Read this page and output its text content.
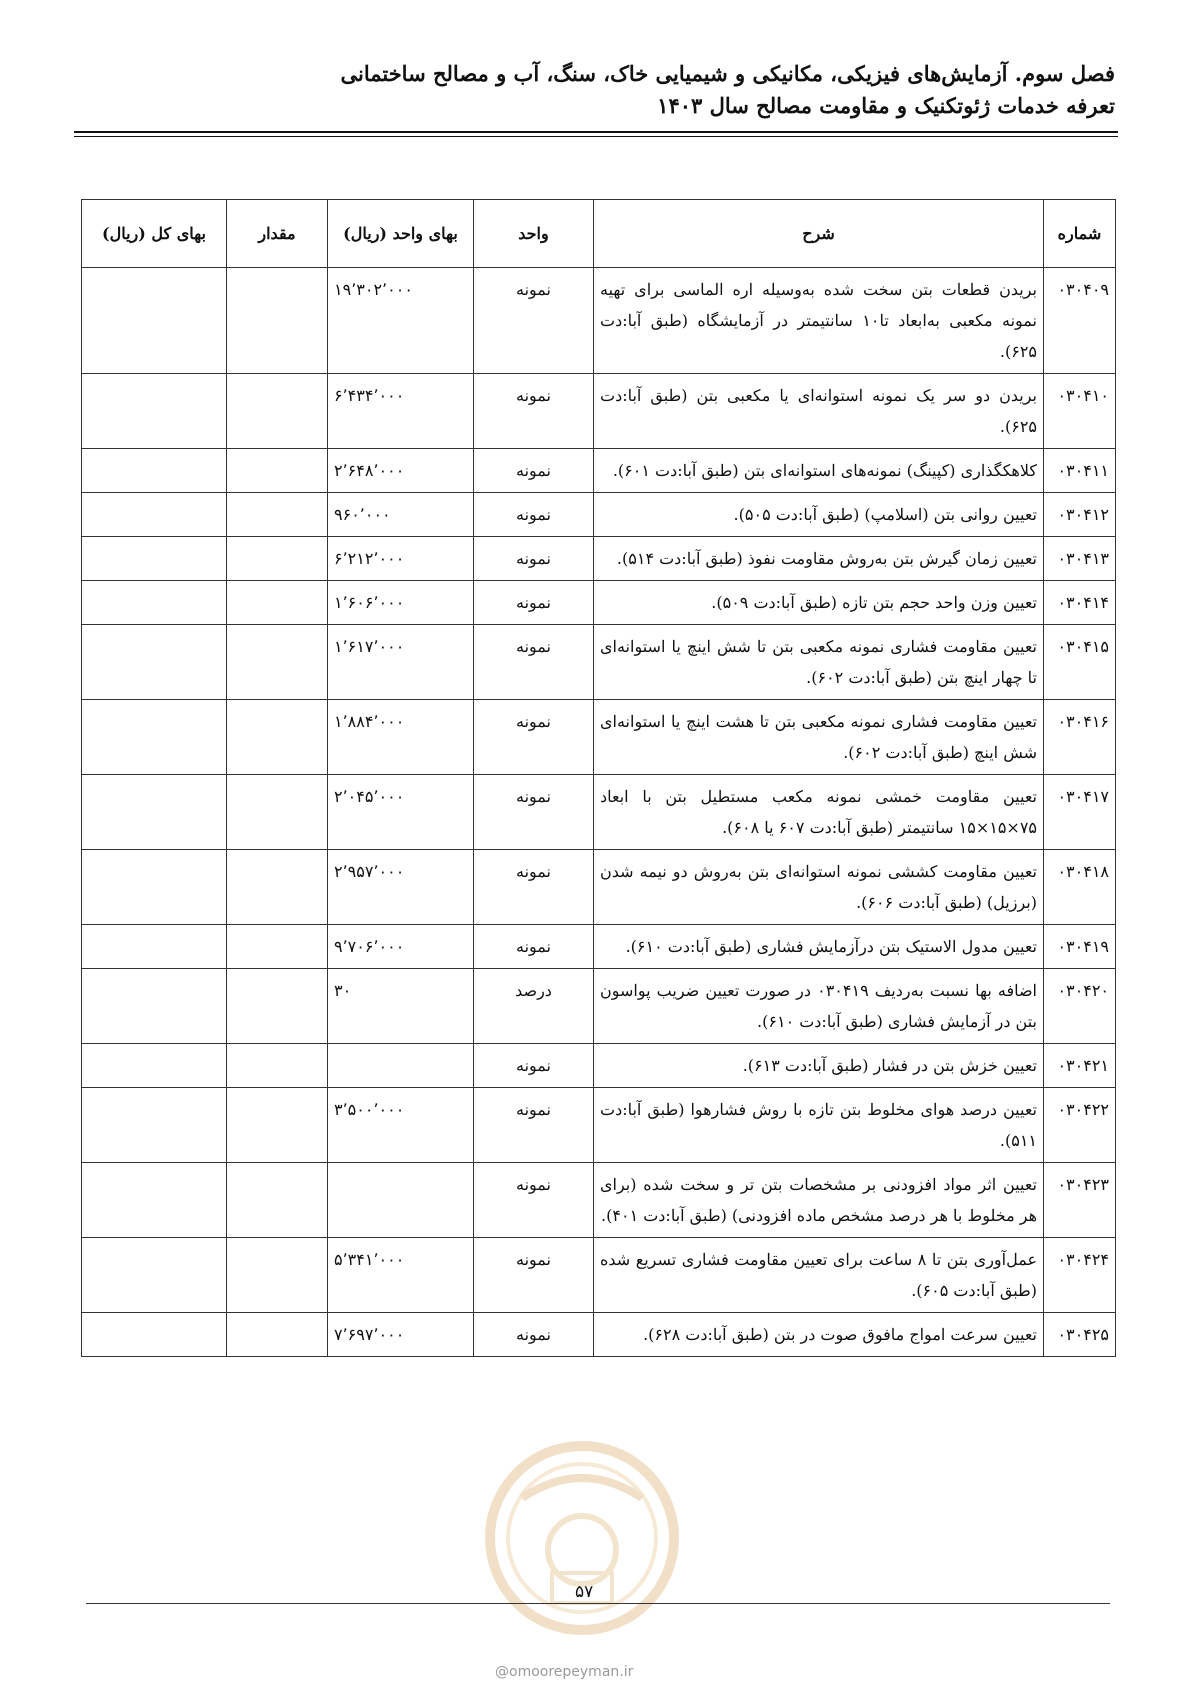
فصل سوم. آزمایش‌های فیزیکی، مکانیکی و شیمیایی خاک، سنگ، آب و مصالح ساختمانی
تعرفه خدمات ژئوتکنیک و مقاومت مصالح سال ۱۴۰۳
شماره	شرح	واحد	بهای واحد (ریال)	مقدار	بهای کل (ریال)
۰۳۰۴۰۹	بریدن قطعات بتن سخت شده به‌وسیله اره الماسی برای تهیه نمونه مکعبی به‌ابعاد تا۱۰ سانتیمتر در آزمایشگاه (طبق آبا:دت ۶۲۵).	نمونه	۱۹٬۳۰۲٬۰۰۰		
۰۳۰۴۱۰	بریدن دو سر یک نمونه استوانه‌ای یا مکعبی بتن (طبق آبا:دت ۶۲۵).	نمونه	۶٬۴۳۴٬۰۰۰		
۰۳۰۴۱۱	کلاهکگذاری (کپینگ) نمونه‌های استوانه‌ای بتن (طبق آبا:دت ۶۰۱).	نمونه	۲٬۶۴۸٬۰۰۰		
۰۳۰۴۱۲	تعیین روانی بتن (اسلامپ) (طبق آبا:دت ۵۰۵).	نمونه	۹۶۰٬۰۰۰		
۰۳۰۴۱۳	تعیین زمان گیرش بتن به‌روش مقاومت نفوذ (طبق آبا:دت ۵۱۴).	نمونه	۶٬۲۱۲٬۰۰۰		
۰۳۰۴۱۴	تعیین وزن واحد حجم بتن تازه (طبق آبا:دت ۵۰۹).	نمونه	۱٬۶۰۶٬۰۰۰		
۰۳۰۴۱۵	تعیین مقاومت فشاری نمونه مکعبی بتن تا شش اینچ یا استوانه‌ای تا چهار اینچ بتن (طبق آبا:دت ۶۰۲).	نمونه	۱٬۶۱۷٬۰۰۰		
۰۳۰۴۱۶	تعیین مقاومت فشاری نمونه مکعبی بتن تا هشت اینچ یا استوانه‌ای شش اینچ (طبق آبا:دت ۶۰۲).	نمونه	۱٬۸۸۴٬۰۰۰		
۰۳۰۴۱۷	تعیین مقاومت خمشی نمونه مکعب مستطیل بتن با ابعاد ۷۵×۱۵×۱۵ سانتیمتر (طبق آبا:دت ۶۰۷ یا ۶۰۸).	نمونه	۲٬۰۴۵٬۰۰۰		
۰۳۰۴۱۸	تعیین مقاومت کششی نمونه استوانه‌ای بتن به‌روش دو نیمه شدن (برزیل) (طبق آبا:دت ۶۰۶).	نمونه	۲٬۹۵۷٬۰۰۰		
۰۳۰۴۱۹	تعیین مدول الاستیک بتن درآزمایش فشاری (طبق آبا:دت ۶۱۰).	نمونه	۹٬۷۰۶٬۰۰۰		
۰۳۰۴۲۰	اضافه بها نسبت به‌ردیف ۰۳۰۴۱۹ در صورت تعیین ضریب پواسون بتن در آزمایش فشاری (طبق آبا:دت ۶۱۰).	درصد	۳۰		
۰۳۰۴۲۱	تعیین خزش بتن در فشار (طبق آبا:دت ۶۱۳).	نمونه			
۰۳۰۴۲۲	تعیین درصد هوای مخلوط بتن تازه با روش فشارهوا (طبق آبا:دت ۵۱۱).	نمونه	۳٬۵۰۰٬۰۰۰		
۰۳۰۴۲۳	تعیین اثر مواد افزودنی بر مشخصات بتن تر و سخت شده (برای هر مخلوط با هر درصد مشخص ماده افزودنی) (طبق آبا:دت ۴۰۱).	نمونه			
۰۳۰۴۲۴	عمل‌آوری بتن تا ۸ ساعت برای تعیین مقاومت فشاری تسریع شده (طبق آبا:دت ۶۰۵).	نمونه	۵٬۳۴۱٬۰۰۰		
۰۳۰۴۲۵	تعیین سرعت امواج مافوق صوت در بتن (طبق آبا:دت ۶۲۸).	نمونه	۷٬۶۹۷٬۰۰۰		
۵۷
@omoorepeyman.ir
